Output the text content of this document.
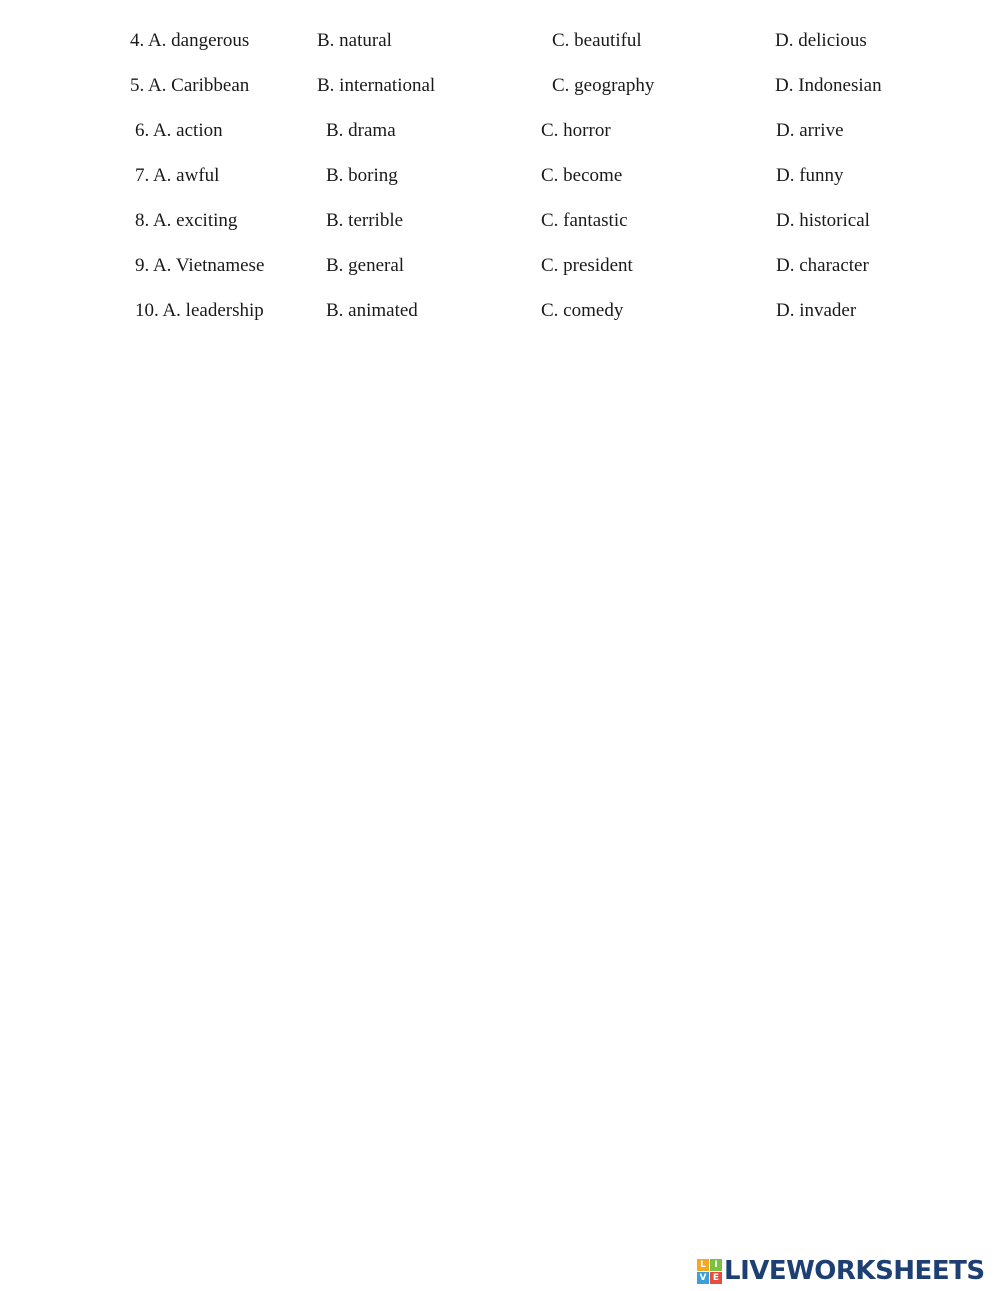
4. A. dangerous	B. natural	C. beautiful	D. delicious
5. A. Caribbean	B. international	C. geography	D. Indonesian
6. A. action	B. drama	C. horror	D. arrive
7. A. awful	B. boring	C. become	D. funny
8. A. exciting	B. terrible	C. fantastic	D. historical
9. A. Vietnamese	B. general	C. president	D. character
10. A. leadership	B. animated	C. comedy	D. invader
L I
V E LIVEWORKSHEETS
